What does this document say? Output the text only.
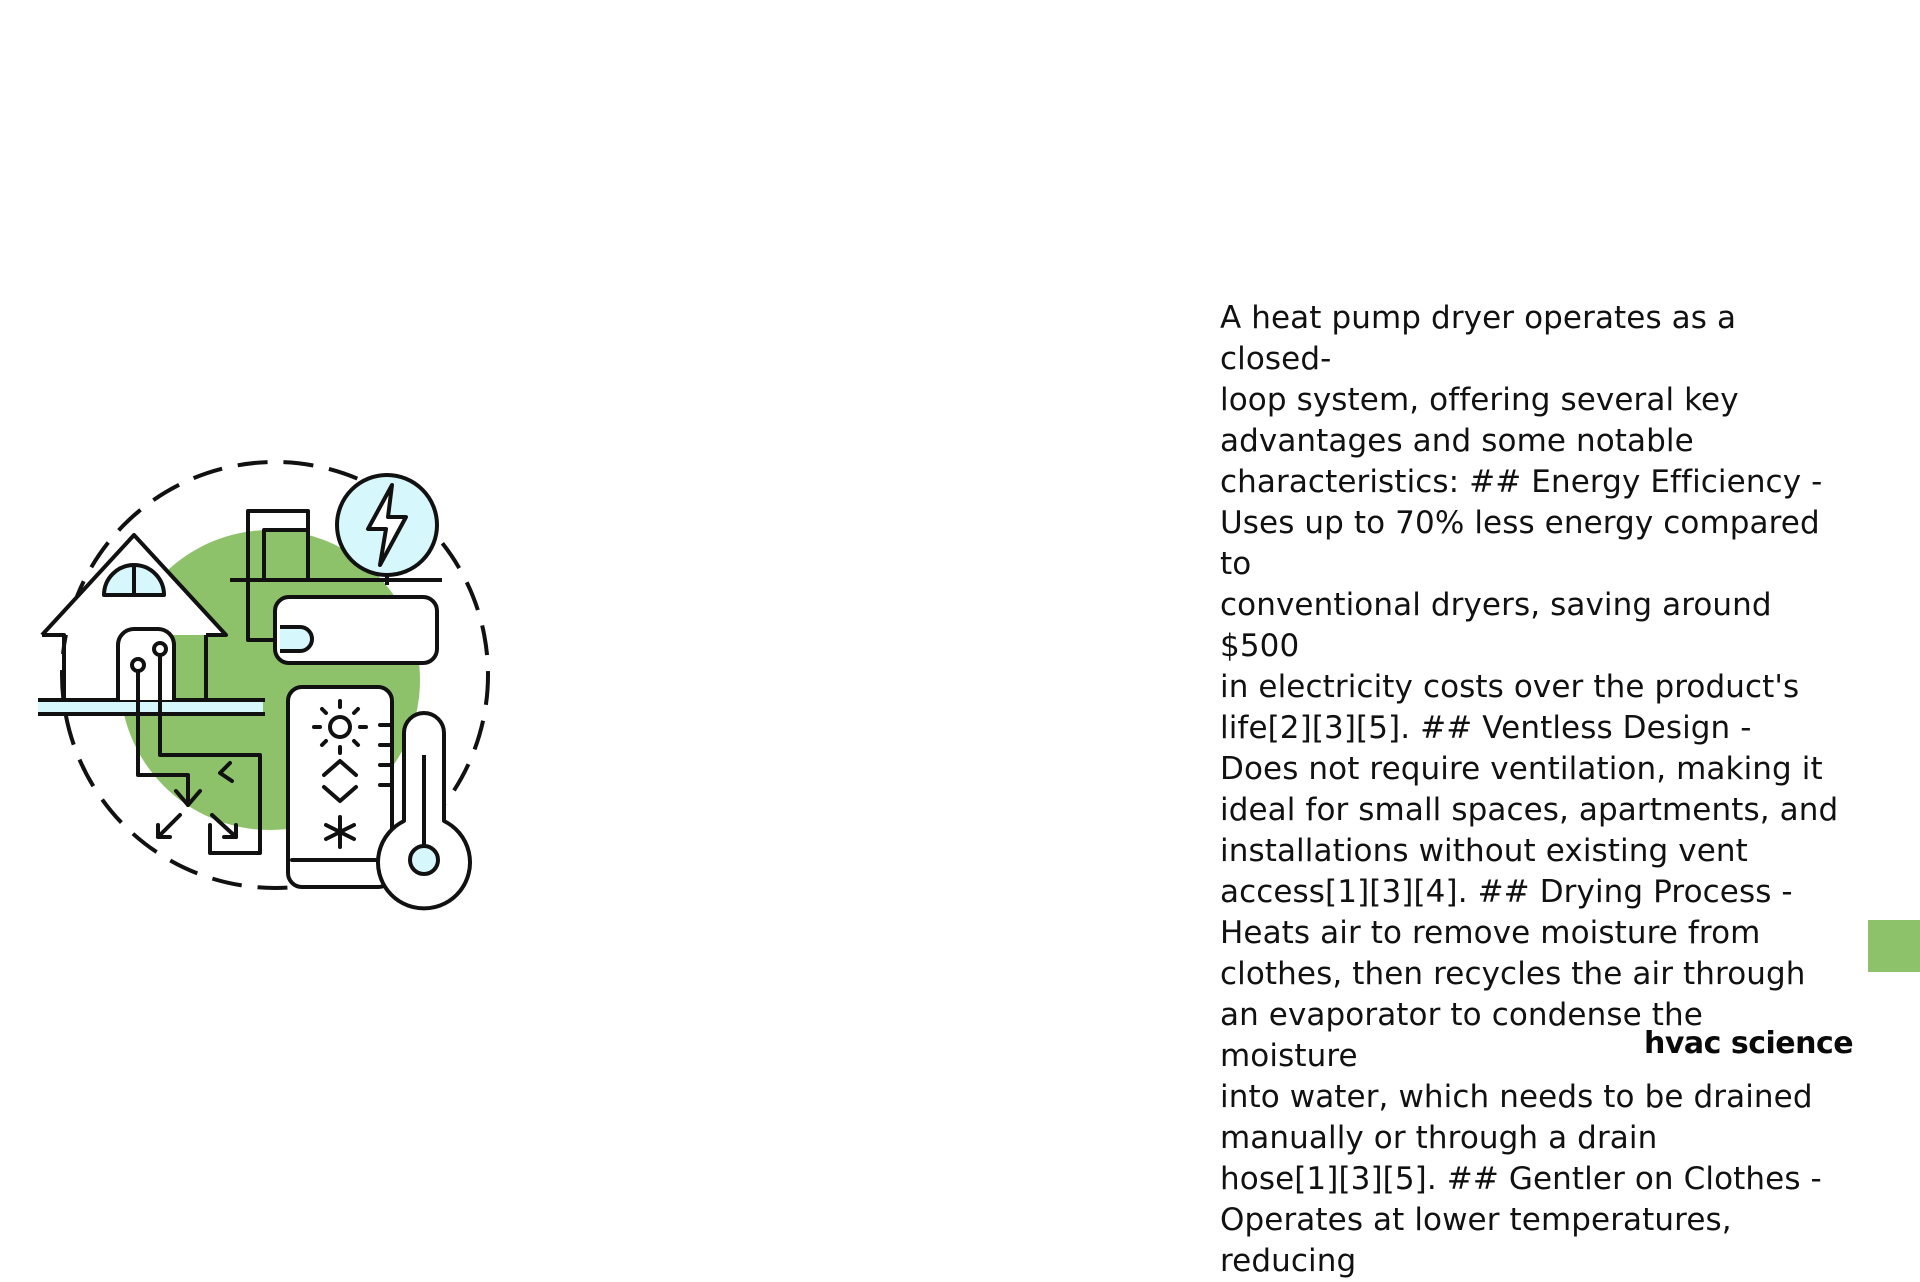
A heat pump dryer operates as a closed-
loop system, offering several key
advantages and some notable
characteristics: ## Energy Efficiency -
Uses up to 70% less energy compared to
conventional dryers, saving around $500
in electricity costs over the product's
life[2][3][5]. ## Ventless Design -
Does not require ventilation, making it
ideal for small spaces, apartments, and
installations without existing vent
access[1][3][4]. ## Drying Process -
Heats air to remove moisture from
clothes, then recycles the air through
an evaporator to condense the moisture
into water, which needs to be drained
manually or through a drain
hose[1][3][5]. ## Gentler on Clothes -
Operates at lower temperatures, reducing

hvac science
